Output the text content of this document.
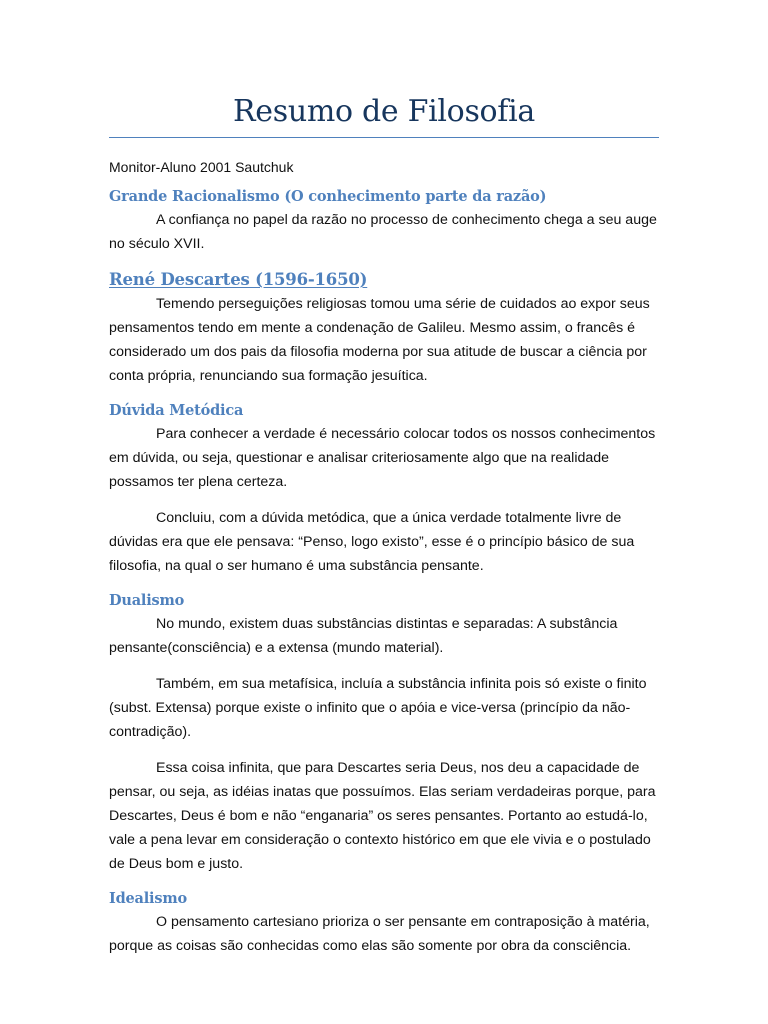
Resumo de Filosofia

Monitor-Aluno 2001 Sautchuk

Grande Racionalismo (O conhecimento parte da razão)

A confiança no papel da razão no processo de conhecimento chega a seu auge no século XVII.

René Descartes (1596-1650)

Temendo perseguições religiosas tomou uma série de cuidados ao expor seus pensamentos tendo em mente a condenação de Galileu. Mesmo assim, o francês é considerado um dos pais da filosofia moderna por sua atitude de buscar a ciência por conta própria, renunciando sua formação jesuítica.

Dúvida Metódica

Para conhecer a verdade é necessário colocar todos os nossos conhecimentos em dúvida, ou seja, questionar e analisar criteriosamente algo que na realidade possamos ter plena certeza.

Concluiu, com a dúvida metódica, que a única verdade totalmente livre de dúvidas era que ele pensava: “Penso, logo existo”, esse é o princípio básico de sua filosofia, na qual o ser humano é uma substância pensante.

Dualismo

No mundo, existem duas substâncias distintas e separadas: A substância pensante(consciência) e a extensa (mundo material).

Também, em sua metafísica, incluía a substância infinita pois só existe o finito (subst. Extensa) porque existe o infinito que o apóia e vice-versa (princípio da não-contradição).

Essa coisa infinita, que para Descartes seria Deus, nos deu a capacidade de pensar, ou seja, as idéias inatas que possuímos. Elas seriam verdadeiras porque, para Descartes, Deus é bom e não “enganaria” os seres pensantes. Portanto ao estudá-lo, vale a pena levar em consideração o contexto histórico em que ele vivia e o postulado de Deus bom e justo.

Idealismo

O pensamento cartesiano prioriza o ser pensante em contraposição à matéria, porque as coisas são conhecidas como elas são somente por obra da consciência.
